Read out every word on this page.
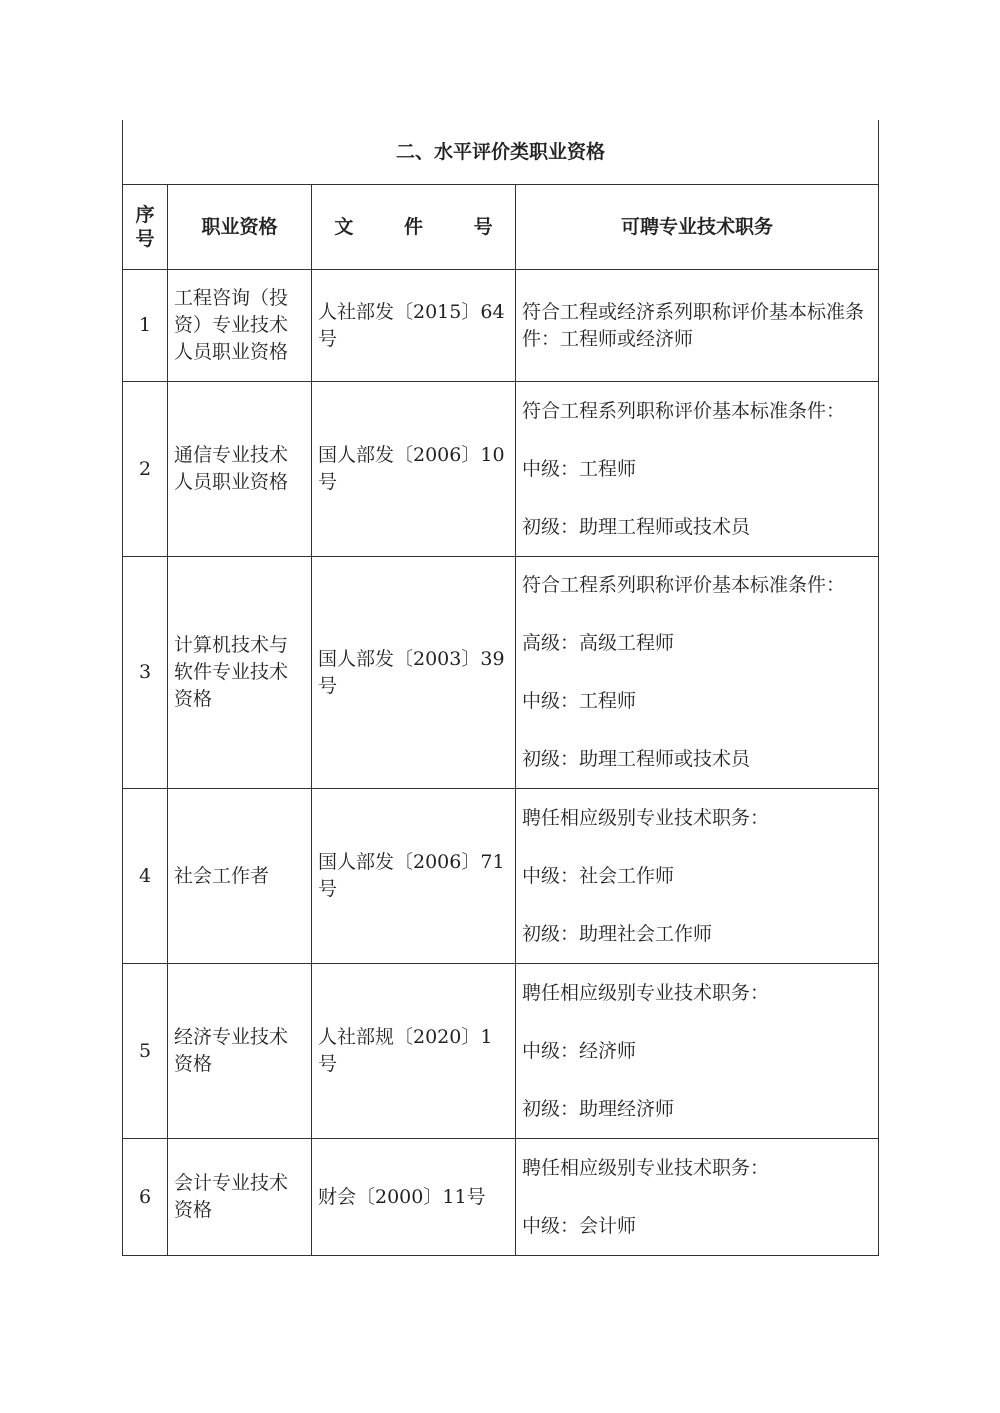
二、水平评价类职业资格			

序
号	职业资格	文 件 号	可聘专业技术职务
1	工程咨询（投资）专业技术人员职业资格	人社部发〔2015〕64号	符合工程或经济系列职称评价基本标准条件：工程师或经济师

2	通信专业技术人员职业资格	国人部发〔2006〕10号	符合工程系列职称评价基本标准条件：
中级：工程师
初级：助理工程师或技术员

3	计算机技术与软件专业技术资格	国人部发〔2003〕39号	符合工程系列职称评价基本标准条件：
高级：高级工程师
中级：工程师
初级：助理工程师或技术员

4	社会工作者	国人部发〔2006〕71号	聘任相应级别专业技术职务：
中级：社会工作师
初级：助理社会工作师

5	经济专业技术资格	人社部规〔2020〕1号	聘任相应级别专业技术职务：
中级：经济师
初级：助理经济师

6	会计专业技术资格	财会〔2000〕11号	聘任相应级别专业技术职务：
中级：会计师
